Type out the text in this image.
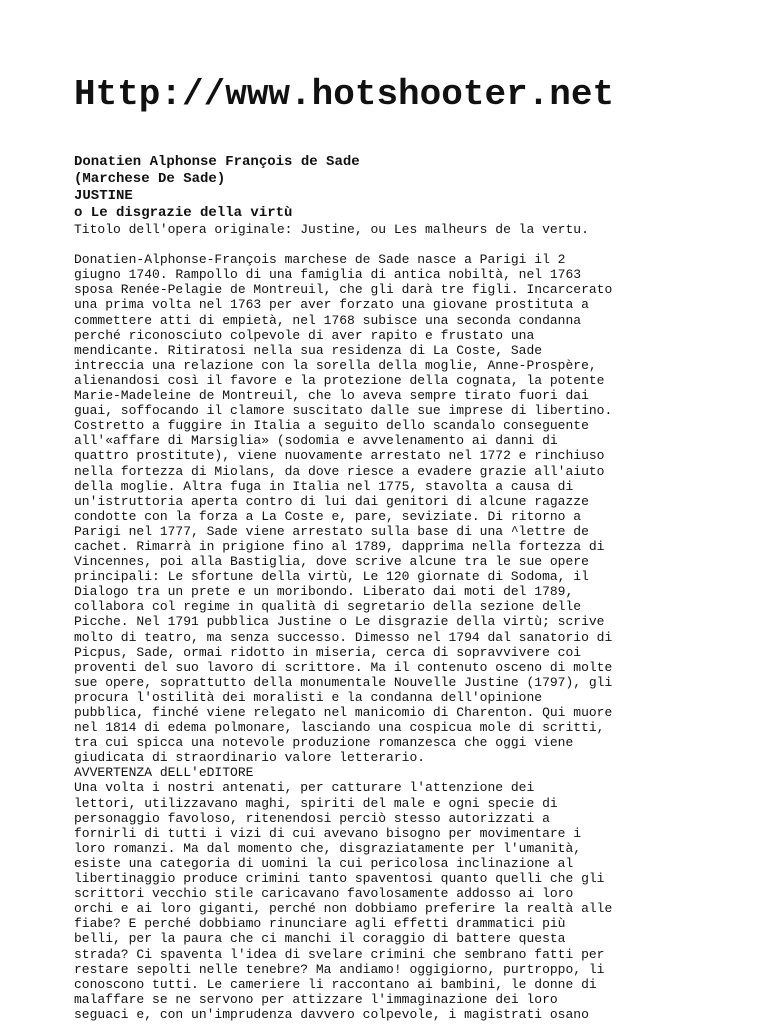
Http://www.hotshooter.net
Donatien Alphonse François de Sade
(Marchese De Sade)
JUSTINE
o Le disgrazie della virtù
Titolo dell'opera originale: Justine, ou Les malheurs de la vertu.

Donatien-Alphonse-François marchese de Sade nasce a Parigi il 2
giugno 1740. Rampollo di una famiglia di antica nobiltà, nel 1763
sposa Renée-Pelagie de Montreuil, che gli darà tre figli. Incarcerato
una prima volta nel 1763 per aver forzato una giovane prostituta a
commettere atti di empietà, nel 1768 subisce una seconda condanna
perché riconosciuto colpevole di aver rapito e frustato una
mendicante. Ritiratosi nella sua residenza di La Coste, Sade
intreccia una relazione con la sorella della moglie, Anne-Prospère,
alienandosi così il favore e la protezione della cognata, la potente
Marie-Madeleine de Montreuil, che lo aveva sempre tirato fuori dai
guai, soffocando il clamore suscitato dalle sue imprese di libertino.
Costretto a fuggire in Italia a seguito dello scandalo conseguente
all'«affare di Marsiglia» (sodomia e avvelenamento ai danni di
quattro prostitute), viene nuovamente arrestato nel 1772 e rinchiuso
nella fortezza di Miolans, da dove riesce a evadere grazie all'aiuto
della moglie. Altra fuga in Italia nel 1775, stavolta a causa di
un'istruttoria aperta contro di lui dai genitori di alcune ragazze
condotte con la forza a La Coste e, pare, seviziate. Di ritorno a
Parigi nel 1777, Sade viene arrestato sulla base di una ^lettre de
cachet. Rimarrà in prigione fino al 1789, dapprima nella fortezza di
Vincennes, poi alla Bastiglia, dove scrive alcune tra le sue opere
principali: Le sfortune della virtù, Le 120 giornate di Sodoma, il
Dialogo tra un prete e un moribondo. Liberato dai moti del 1789,
collabora col regime in qualità di segretario della sezione delle
Picche. Nel 1791 pubblica Justine o Le disgrazie della virtù; scrive
molto di teatro, ma senza successo. Dimesso nel 1794 dal sanatorio di
Picpus, Sade, ormai ridotto in miseria, cerca di sopravvivere coi
proventi del suo lavoro di scrittore. Ma il contenuto osceno di molte
sue opere, soprattutto della monumentale Nouvelle Justine (1797), gli
procura l'ostilità dei moralisti e la condanna dell'opinione
pubblica, finché viene relegato nel manicomio di Charenton. Qui muore
nel 1814 di edema polmonare, lasciando una cospicua mole di scritti,
tra cui spicca una notevole produzione romanzesca che oggi viene
giudicata di straordinario valore letterario.
AVVERTENZA dELL'eDITORE
Una volta i nostri antenati, per catturare l'attenzione dei
lettori, utilizzavano maghi, spiriti del male e ogni specie di
personaggio favoloso, ritenendosi perciò stesso autorizzati a
fornirli di tutti i vizi di cui avevano bisogno per movimentare i
loro romanzi. Ma dal momento che, disgraziatamente per l'umanità,
esiste una categoria di uomini la cui pericolosa inclinazione al
libertinaggio produce crimini tanto spaventosi quanto quelli che gli
scrittori vecchio stile caricavano favolosamente addosso ai loro
orchi e ai loro giganti, perché non dobbiamo preferire la realtà alle
fiabe? E perché dobbiamo rinunciare agli effetti drammatici più
belli, per la paura che ci manchi il coraggio di battere questa
strada? Ci spaventa l'idea di svelare crimini che sembrano fatti per
restare sepolti nelle tenebre? Ma andiamo! oggigiorno, purtroppo, li
conoscono tutti. Le cameriere li raccontano ai bambini, le donne di
malaffare se ne servono per attizzare l'immaginazione dei loro
seguaci e, con un'imprudenza davvero colpevole, i magistrati osano
